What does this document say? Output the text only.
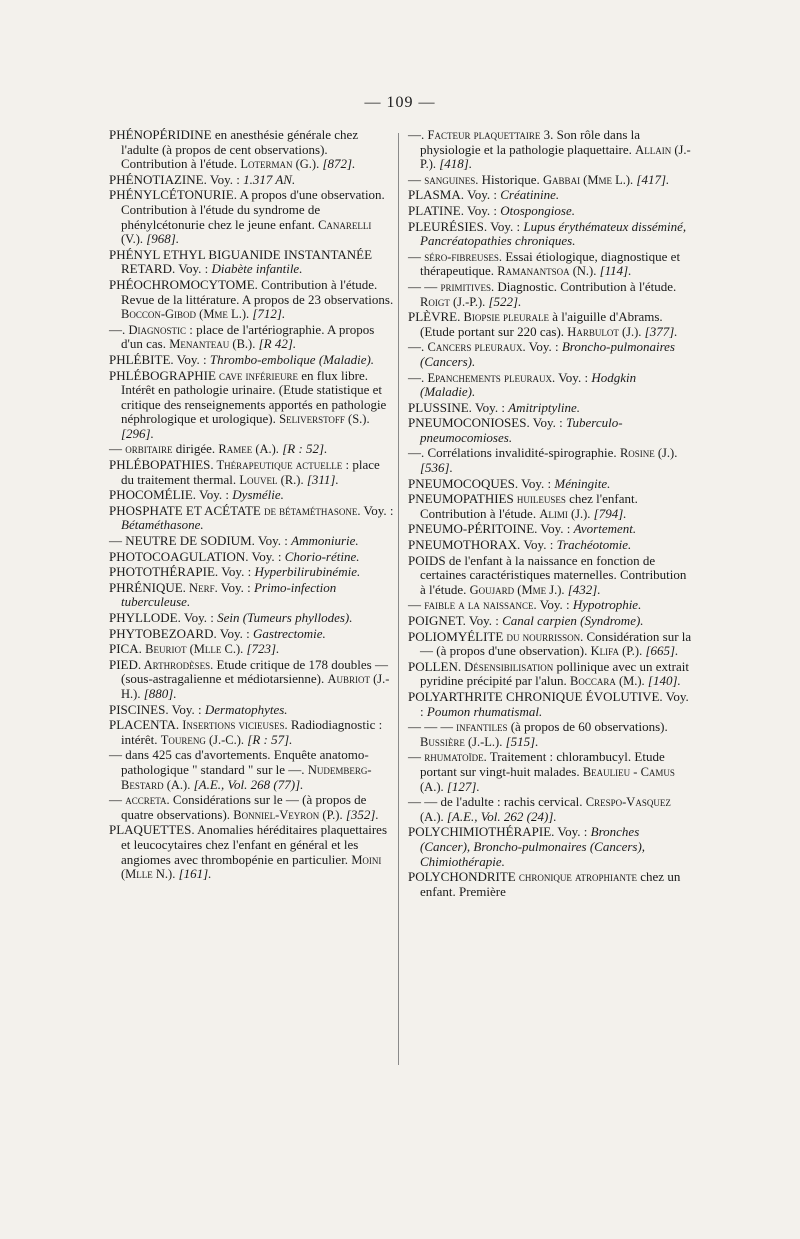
— 109 —

PHÉNOPÉRIDINE en anesthésie générale chez l'adulte (à propos de cent observations). Contribution à l'étude. Loterman (G.). [872].

PHÉNOTIAZINE. Voy. : 1.317 AN.

PHÉNYLCÉTONURIE. A propos d'une observation. Contribution à l'étude du syndrome de phénylcétonurie chez le jeune enfant. Canarelli (V.). [968].

PHÉNYL ETHYL BIGUANIDE INSTANTANÉE RETARD. Voy. : Diabète infantile.

PHÉOCHROMOCYTOME. Contribution à l'étude. Revue de la littérature. A propos de 23 observations. Boccon-Gibod (Mme L.). [712].

—. Diagnostic : place de l'artériographie. A propos d'un cas. Menanteau (B.). [R 42].

PHLÉBITE. Voy. : Thrombo-embolique (Maladie).

PHLÉBOGRAPHIE cave inférieure en flux libre. Intérêt en pathologie urinaire. (Etude statistique et critique des renseignements apportés en pathologie néphrologique et urologique). Seliverstoff (S.). [296].

— orbitaire dirigée. Ramee (A.). [R : 52].

PHLÉBOPATHIES. Thérapeutique actuelle : place du traitement thermal. Louvel (R.). [311].

PHOCOMÉLIE. Voy. : Dysmélie.

PHOSPHATE ET ACÉTATE de bétaméthasone. Voy. : Bétaméthasone.

— NEUTRE DE SODIUM. Voy. : Ammoniurie.

PHOTOCOAGULATION. Voy. : Chorio-rétine.

PHOTOTHÉRAPIE. Voy. : Hyperbilirubinémie.

PHRÉNIQUE. Nerf. Voy. : Primo-infection tuberculeuse.

PHYLLODE. Voy. : Sein (Tumeurs phyllodes).

PHYTOBEZOARD. Voy. : Gastrectomie.

PICA. Beuriot (Mlle C.). [723].

PIED. Arthrodèses. Etude critique de 178 doubles — (sous-astragalienne et médiotarsienne). Aubriot (J.-H.). [880].

PISCINES. Voy. : Dermatophytes.

PLACENTA. Insertions vicieuses. Radiodiagnostic : intérêt. Toureng (J.-C.). [R : 57].

— dans 425 cas d'avortements. Enquête anatomo-pathologique " standard " sur le —. Nudemberg-Bestard (A.). [A.E., Vol. 268 (77)].

— accreta. Considérations sur le — (à propos de quatre observations). Bonniel-Veyron (P.). [352].

PLAQUETTES. Anomalies héréditaires plaquettaires et leucocytaires chez l'enfant en général et les angiomes avec thrombopénie en particulier. Moini (Mlle N.). [161].

—. Facteur plaquettaire 3. Son rôle dans la physiologie et la pathologie plaquettaire. Allain (J.-P.). [418].

— sanguines. Historique. Gabbai (Mme L.). [417].

PLASMA. Voy. : Créatinine.

PLATINE. Voy. : Otospongiose.

PLEURÉSIES. Voy. : Lupus érythémateux disséminé, Pancréatopathies chroniques.

— séro-fibreuses. Essai étiologique, diagnostique et thérapeutique. Ramanantsoa (N.). [114].

— — primitives. Diagnostic. Contribution à l'étude. Roigt (J.-P.). [522].

PLÈVRE. Biopsie pleurale à l'aiguille d'Abrams. (Etude portant sur 220 cas). Harbulot (J.). [377].

—. Cancers pleuraux. Voy. : Broncho-pulmonaires (Cancers).

—. Epanchements pleuraux. Voy. : Hodgkin (Maladie).

PLUSSINE. Voy. : Amitriptyline.

PNEUMOCONIOSES. Voy. : Tuberculo-pneumocomioses.

—. Corrélations invalidité-spirographie. Rosine (J.). [536].

PNEUMOCOQUES. Voy. : Méningite.

PNEUMOPATHIES huileuses chez l'enfant. Contribution à l'étude. Alimi (J.). [794].

PNEUMO-PÉRITOINE. Voy. : Avortement.

PNEUMOTHORAX. Voy. : Trachéotomie.

POIDS de l'enfant à la naissance en fonction de certaines caractéristiques maternelles. Contribution à l'étude. Goujard (Mme J.). [432].

— faible a la naissance. Voy. : Hypotrophie.

POIGNET. Voy. : Canal carpien (Syndrome).

POLIOMYÉLITE du nourrisson. Considération sur la — (à propos d'une observation). Klifa (P.). [665].

POLLEN. Désensibilisation pollinique avec un extrait pyridine précipité par l'alun. Boccara (M.). [140].

POLYARTHRITE CHRONIQUE ÉVOLUTIVE. Voy. : Poumon rhumatismal.

— — — infantiles (à propos de 60 observations). Bussière (J.-L.). [515].

— rhumatoïde. Traitement : chlorambucyl. Etude portant sur vingt-huit malades. Beaulieu - Camus (A.). [127].

— — de l'adulte : rachis cervical. Crespo-Vasquez (A.). [A.E., Vol. 262 (24)].

POLYCHIMIOTHÉRAPIE. Voy. : Bronches (Cancer), Broncho-pulmonaires (Cancers), Chimiothérapie.

POLYCHONDRITE chronique atrophiante chez un enfant. Première
